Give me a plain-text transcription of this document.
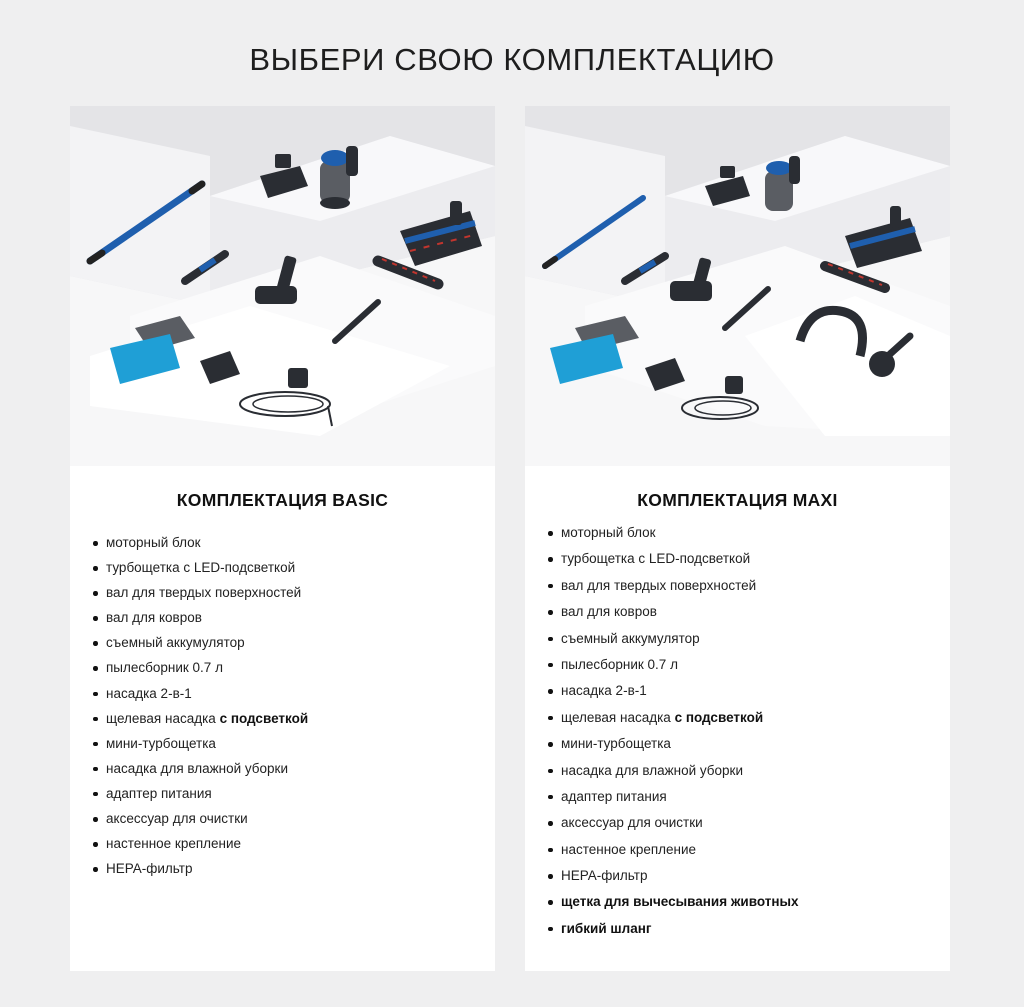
ВЫБЕРИ СВОЮ КОМПЛЕКТАЦИЮ
КОМПЛЕКТАЦИЯ BASIC
моторный блок
турбощетка с LED-подсветкой
вал для твердых поверхностей
вал для ковров
съемный аккумулятор
пылесборник 0.7 л
насадка 2-в-1
щелевая насадка с подсветкой
мини-турбощетка
насадка для влажной уборки
адаптер питания
аксессуар для очистки
настенное крепление
HEPA-фильтр
КОМПЛЕКТАЦИЯ MAXI
моторный блок
турбощетка с LED-подсветкой
вал для твердых поверхностей
вал для ковров
съемный аккумулятор
пылесборник 0.7 л
насадка 2-в-1
щелевая насадка с подсветкой
мини-турбощетка
насадка для влажной уборки
адаптер питания
аксессуар для очистки
настенное крепление
HEPA-фильтр
щетка для вычесывания животных
гибкий шланг
